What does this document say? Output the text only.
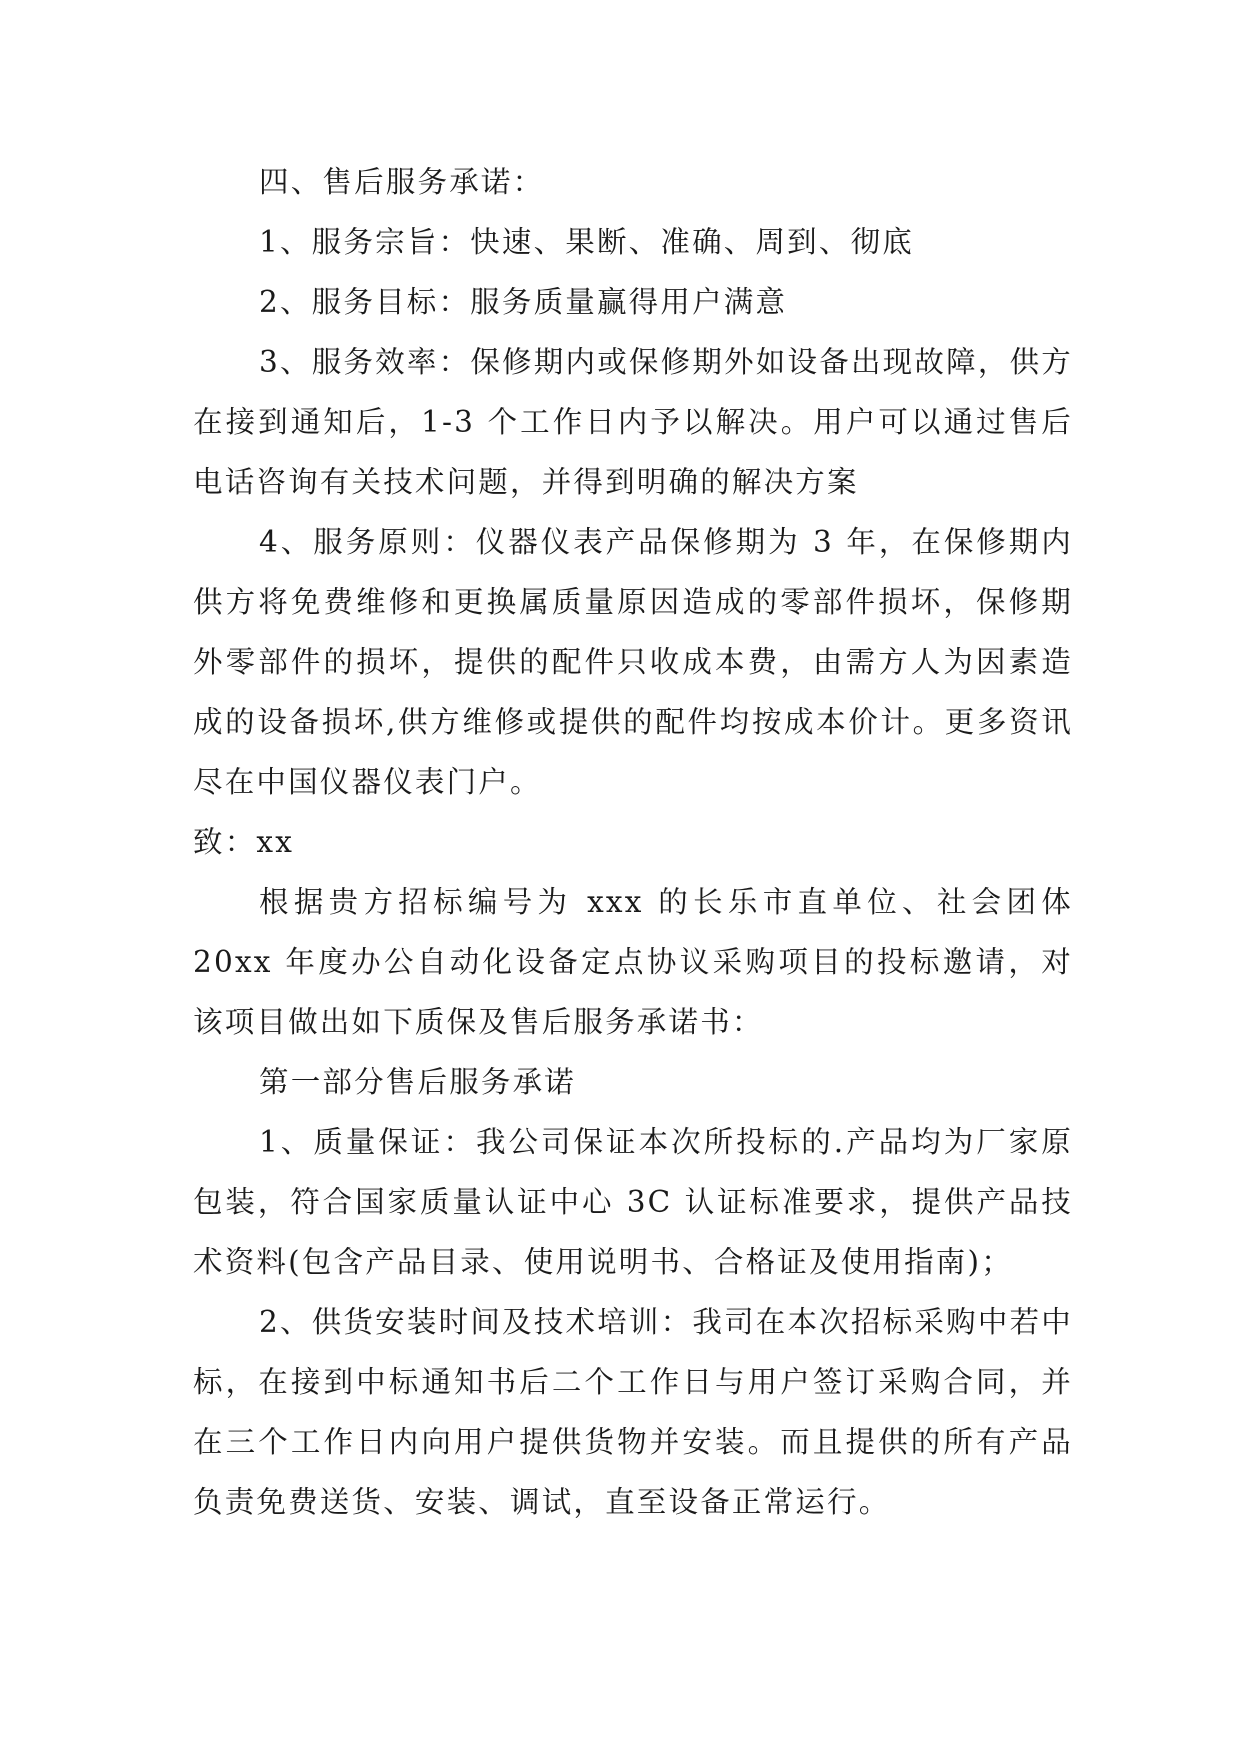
四、售后服务承诺：

1、服务宗旨：快速、果断、准确、周到、彻底

2、服务目标：服务质量赢得用户满意

3、服务效率：保修期内或保修期外如设备出现故障，供方在接到通知后，1-3 个工作日内予以解决。用户可以通过售后电话咨询有关技术问题，并得到明确的解决方案

4、服务原则：仪器仪表产品保修期为 3 年，在保修期内供方将免费维修和更换属质量原因造成的零部件损坏，保修期外零部件的损坏，提供的配件只收成本费，由需方人为因素造成的设备损坏,供方维修或提供的配件均按成本价计。更多资讯尽在中国仪器仪表门户。

致：xx

根据贵方招标编号为 xxx 的长乐市直单位、社会团体 20xx 年度办公自动化设备定点协议采购项目的投标邀请，对该项目做出如下质保及售后服务承诺书：

第一部分售后服务承诺

1、质量保证：我公司保证本次所投标的.产品均为厂家原包装，符合国家质量认证中心 3C 认证标准要求，提供产品技术资料(包含产品目录、使用说明书、合格证及使用指南)；

2、供货安装时间及技术培训：我司在本次招标采购中若中标，在接到中标通知书后二个工作日与用户签订采购合同，并在三个工作日内向用户提供货物并安装。而且提供的所有产品负责免费送货、安装、调试，直至设备正常运行。
